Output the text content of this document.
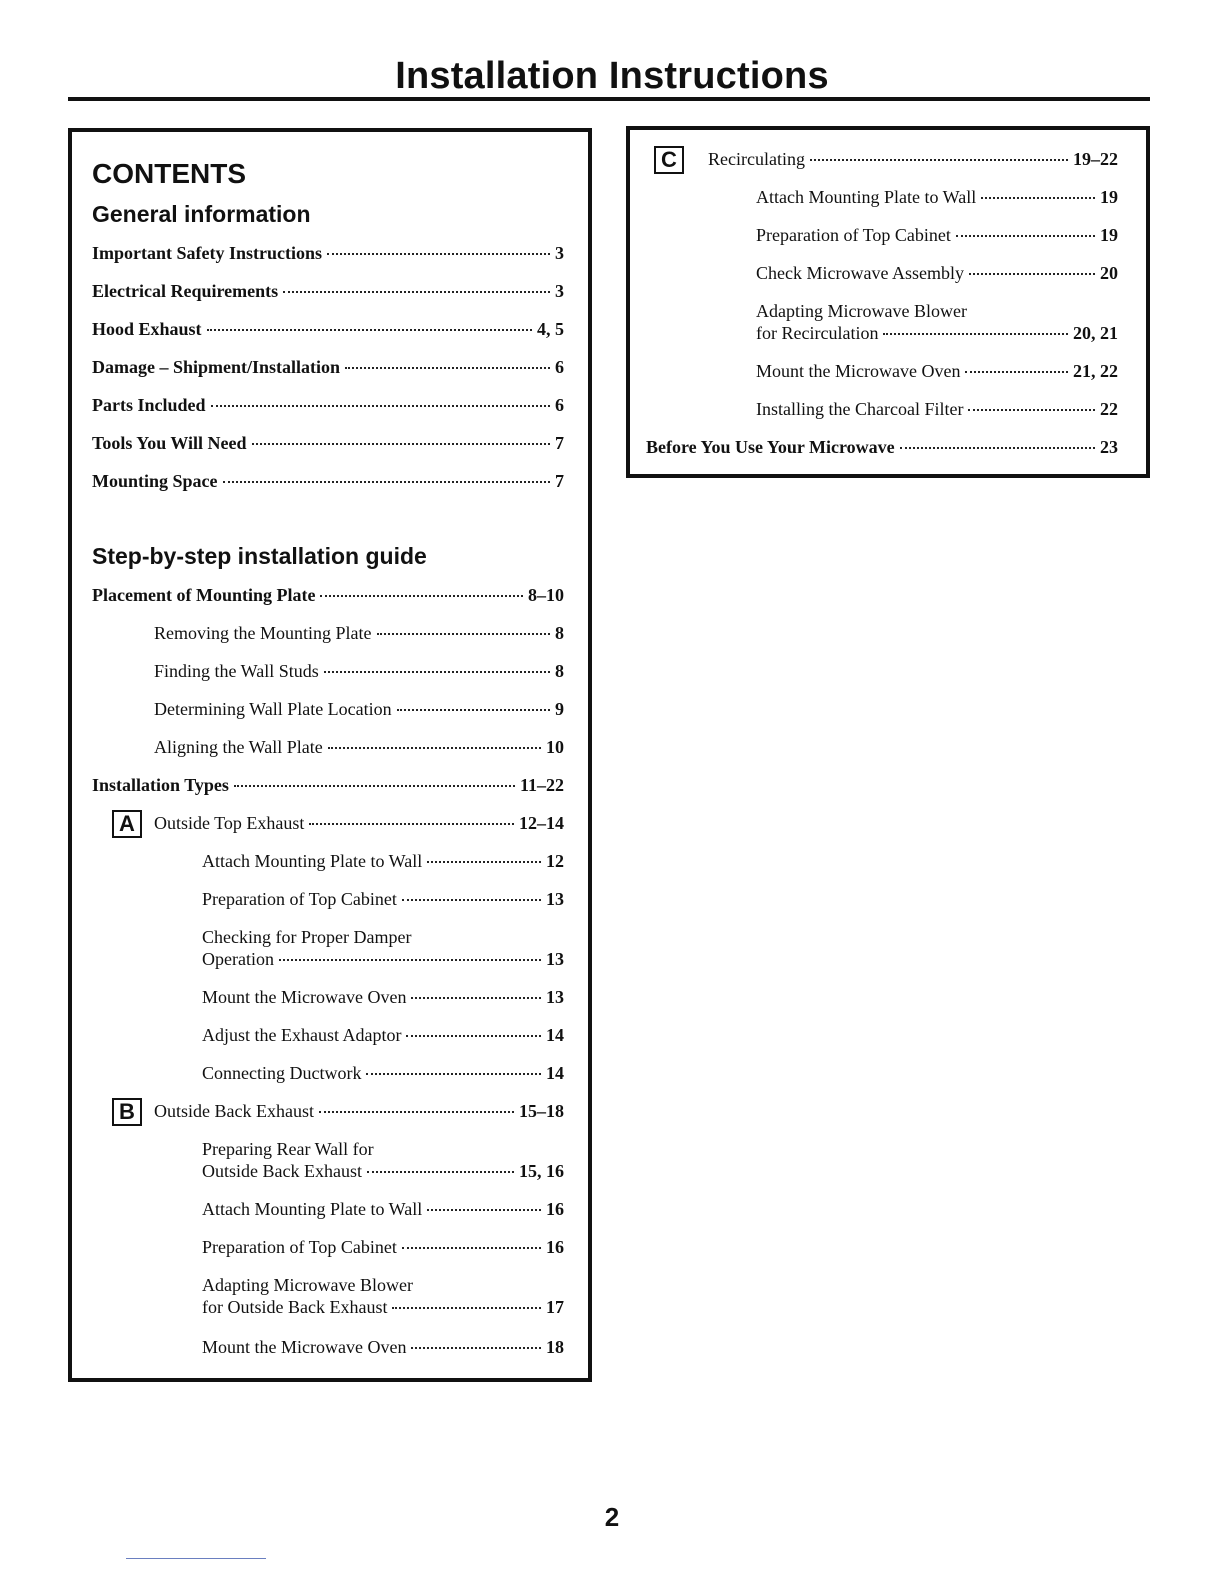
Installation Instructions
CONTENTS
General information
Important Safety Instructions	3
Electrical Requirements	3
Hood Exhaust	4, 5
Damage – Shipment/Installation	6
Parts Included	6
Tools You Will Need	7
Mounting Space	7
Step-by-step installation guide
Placement of Mounting Plate	8–10
Removing the Mounting Plate	8
Finding the Wall Studs	8
Determining Wall Plate Location	9
Aligning the Wall Plate	10
Installation Types	11–22
A	Outside Top Exhaust	12–14
Attach Mounting Plate to Wall	12
Preparation of Top Cabinet	13
Checking for Proper Damper
Operation	13
Mount the Microwave Oven	13
Adjust the Exhaust Adaptor	14
Connecting Ductwork	14
B	Outside Back Exhaust	15–18
Preparing Rear Wall for
Outside Back Exhaust	15, 16
Attach Mounting Plate to Wall	16
Preparation of Top Cabinet	16
Adapting Microwave Blower
for Outside Back Exhaust	17
Mount the Microwave Oven	18
C	Recirculating	19–22
Attach Mounting Plate to Wall	19
Preparation of Top Cabinet	19
Check Microwave Assembly	20
Adapting Microwave Blower
for Recirculation	20, 21
Mount the Microwave Oven	21, 22
Installing the Charcoal Filter	22
Before You Use Your Microwave	23
2
